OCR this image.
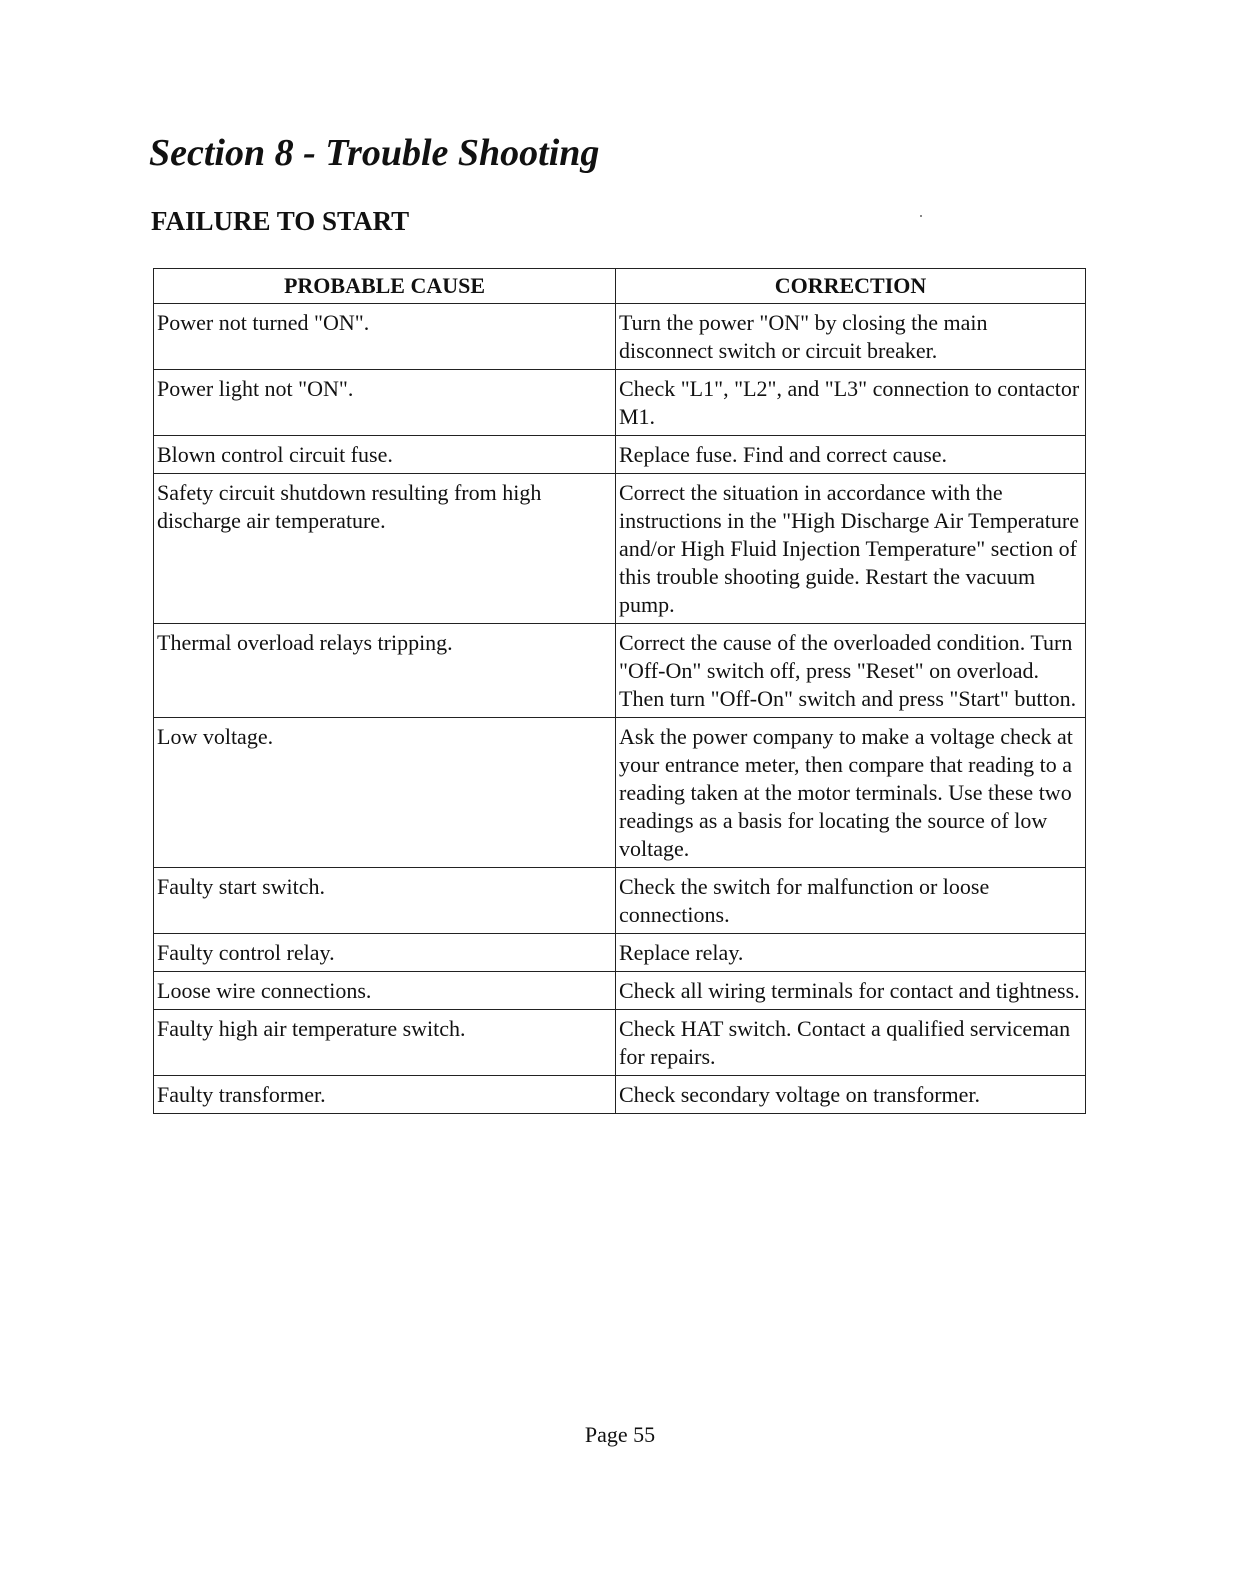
Section 8 - Trouble Shooting
FAILURE TO START
PROBABLE CAUSE	CORRECTION
Power not turned "ON".	Turn the power "ON" by closing the main disconnect switch or circuit breaker.
Power light not "ON".	Check "L1", "L2", and "L3" connection to contactor M1.
Blown control circuit fuse.	Replace fuse. Find and correct cause.
Safety circuit shutdown resulting from high discharge air temperature.	Correct the situation in accordance with the instructions in the "High Discharge Air Temperature and/or High Fluid Injection Temperature" section of this trouble shooting guide. Restart the vacuum pump.
Thermal overload relays tripping.	Correct the cause of the overloaded condition. Turn "Off-On" switch off, press "Reset" on overload. Then turn "Off-On" switch and press "Start" button.
Low voltage.	Ask the power company to make a voltage check at your entrance meter, then compare that reading to a reading taken at the motor terminals. Use these two readings as a basis for locating the source of low voltage.
Faulty start switch.	Check the switch for malfunction or loose connections.
Faulty control relay.	Replace relay.
Loose wire connections.	Check all wiring terminals for contact and tightness.
Faulty high air temperature switch.	Check HAT switch. Contact a qualified serviceman for repairs.
Faulty transformer.	Check secondary voltage on transformer.
Page 55
